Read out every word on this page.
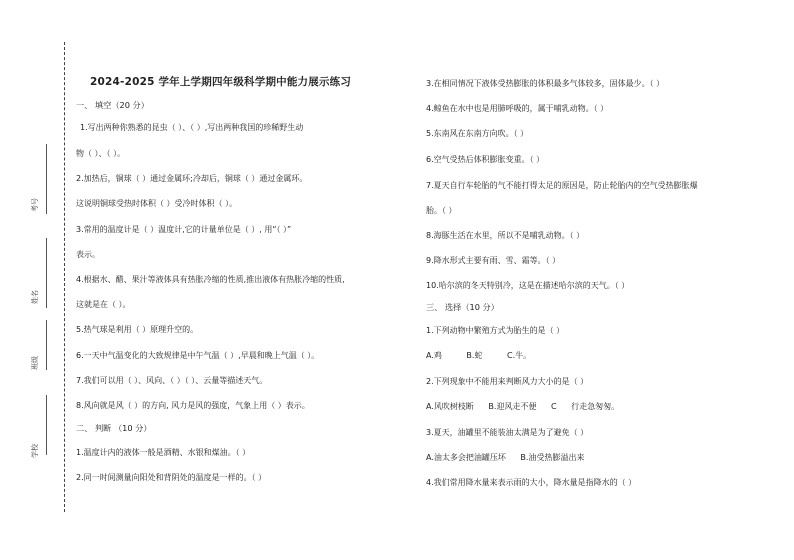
考号
姓名
班级
学校
2024-2025 学年上学期四年级科学期中能力展示练习
一、 填空（20 分）
1.写出两种你熟悉的昆虫（ ）、（ ）,写出两种我国的珍稀野生动
物（ ）、（ ）。
2.加热后，铜球（ ）通过金属环;冷却后，铜球（ ）通过金属环。
这说明铜球受热时体积（ ）受冷时体积（ ）。
3.常用的温度计是（ ）温度计,它的计量单位是（ ）, 用“（ ）”
表示。
4.根据水、醋、果汁等液体具有热胀冷缩的性质,推出液体有热胀冷缩的性质,
这就是在（ ）。
5.热气球是利用（ ）原理升空的。
6.一天中气温变化的大致规律是中午气温（ ）,早晨和晚上气温（ ）。
7.我们可以用（ ）、风向、（ ）（ ）、云量等描述天气。
8.风向就是风（ ）的方向, 风力是风的强度，气象上用（ ）表示。
二、 判断 （10 分）
1.温度计内的液体一般是酒精、水银和煤油。（ ）
2.同一时间测量向阳处和背阴处的温度是一样的。（ ）
3.在相同情况下液体受热膨胀的体积最多气体较多，固体最少。（ ）
4.鲸鱼在水中也是用肺呼吸的，属于哺乳动物。（ ）
5.东南风在东南方向吹。（ ）
6.空气受热后体积膨胀变重。（ ）
7.夏天自行车轮胎的气不能打得太足的原因是，防止轮胎内的空气受热膨胀爆
胎。（ ）
8.海豚生活在水里，所以不是哺乳动物。（ ）
9.降水形式主要有雨、雪、霜等。（ ）
10.哈尔滨的冬天特别冷，这是在描述哈尔滨的天气。（ ）
三、 选择（10 分）
1.下列动物中繁殖方式为胎生的是（ ）
A.鸡 B.蛇 C.牛。
2.下列现象中不能用来判断风力大小的是（ ）
A.风吹树枝断 B.迎风走不便 C 行走急匆匆。
3.夏天，油罐里不能装油太满是为了避免（ ）
A.油太多会把油罐压坏 B.油受热膨溢出来
4.我们常用降水量来表示雨的大小，降水量是指降水的（ ）
